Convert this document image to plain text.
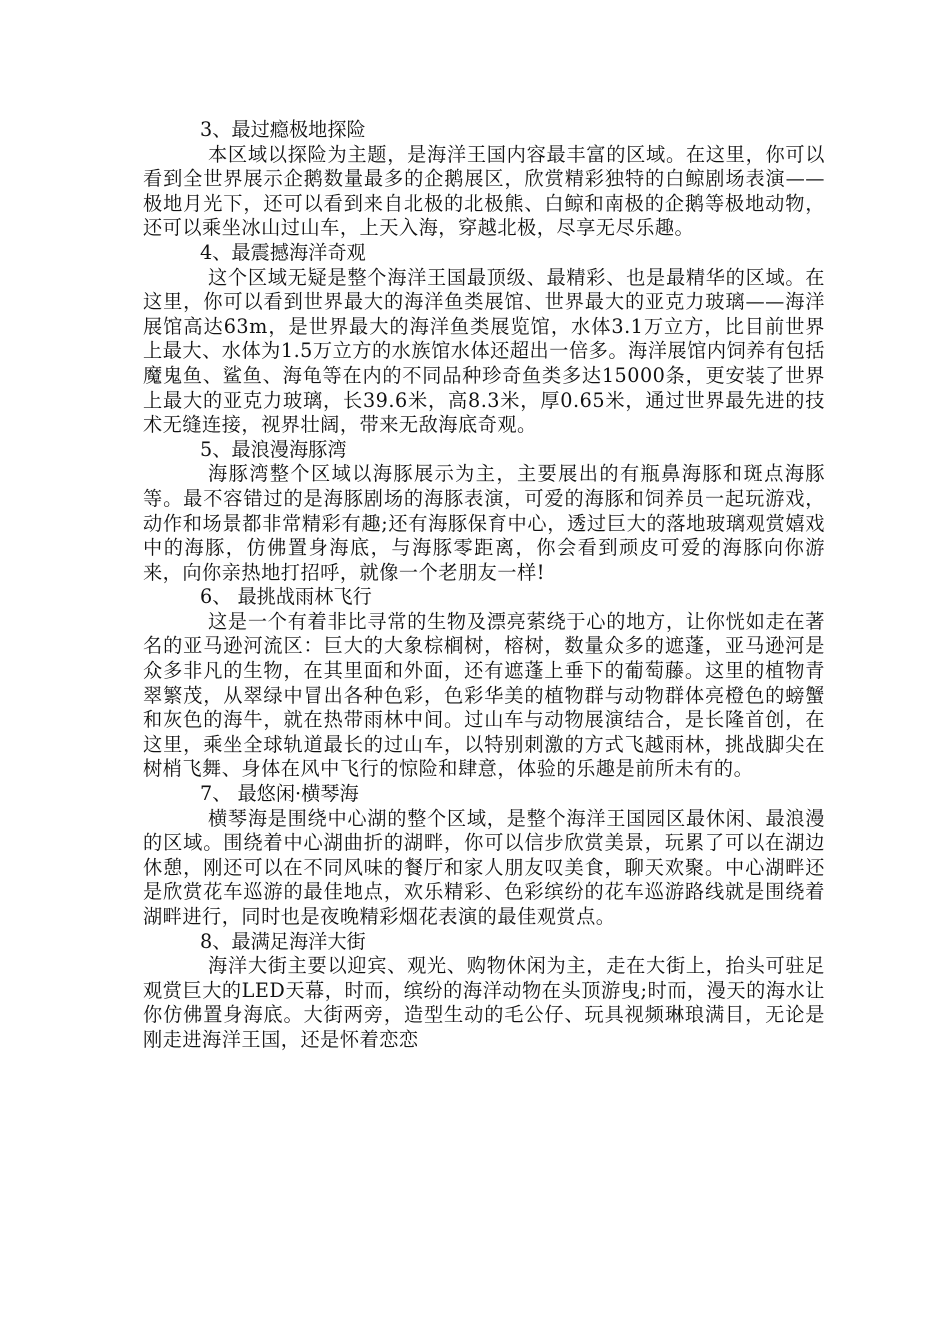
3、最过瘾极地探险

本区域以探险为主题，是海洋王国内容最丰富的区域。在这里，你可以看到全世界展示企鹅数量最多的企鹅展区，欣赏精彩独特的白鲸剧场表演——极地月光下，还可以看到来自北极的北极熊、白鲸和南极的企鹅等极地动物，还可以乘坐冰山过山车，上天入海，穿越北极，尽享无尽乐趣。

4、最震撼海洋奇观

这个区域无疑是整个海洋王国最顶级、最精彩、也是最精华的区域。在这里，你可以看到世界最大的海洋鱼类展馆、世界最大的亚克力玻璃——海洋展馆高达63m，是世界最大的海洋鱼类展览馆，水体3.1万立方，比目前世界上最大、水体为1.5万立方的水族馆水体还超出一倍多。海洋展馆内饲养有包括魔鬼鱼、鲨鱼、海龟等在内的不同品种珍奇鱼类多达15000条，更安装了世界上最大的亚克力玻璃，长39.6米，高8.3米，厚0.65米，通过世界最先进的技术无缝连接，视界壮阔，带来无敌海底奇观。

5、最浪漫海豚湾

海豚湾整个区域以海豚展示为主，主要展出的有瓶鼻海豚和斑点海豚等。最不容错过的是海豚剧场的海豚表演，可爱的海豚和饲养员一起玩游戏，动作和场景都非常精彩有趣;还有海豚保育中心，透过巨大的落地玻璃观赏嬉戏中的海豚，仿佛置身海底，与海豚零距离，你会看到顽皮可爱的海豚向你游来，向你亲热地打招呼，就像一个老朋友一样!

6、 最挑战雨林飞行

这是一个有着非比寻常的生物及漂亮萦绕于心的地方，让你恍如走在著名的亚马逊河流区：巨大的大象棕榈树，榕树，数量众多的遮蓬，亚马逊河是众多非凡的生物，在其里面和外面，还有遮蓬上垂下的葡萄藤。这里的植物青翠繁茂，从翠绿中冒出各种色彩，色彩华美的植物群与动物群体亮橙色的螃蟹和灰色的海牛，就在热带雨林中间。过山车与动物展演结合，是长隆首创，在这里，乘坐全球轨道最长的过山车，以特别刺激的方式飞越雨林，挑战脚尖在树梢飞舞、身体在风中飞行的惊险和肆意，体验的乐趣是前所未有的。

7、 最悠闲·横琴海

横琴海是围绕中心湖的整个区域，是整个海洋王国园区最休闲、最浪漫的区域。围绕着中心湖曲折的湖畔，你可以信步欣赏美景，玩累了可以在湖边休憩，刚还可以在不同风味的餐厅和家人朋友叹美食，聊天欢聚。中心湖畔还是欣赏花车巡游的最佳地点，欢乐精彩、色彩缤纷的花车巡游路线就是围绕着湖畔进行，同时也是夜晚精彩烟花表演的最佳观赏点。

8、最满足海洋大街

海洋大街主要以迎宾、观光、购物休闲为主，走在大街上，抬头可驻足观赏巨大的LED天幕，时而，缤纷的海洋动物在头顶游曳;时而，漫天的海水让你仿佛置身海底。大街两旁，造型生动的毛公仔、玩具视频琳琅满目，无论是刚走进海洋王国，还是怀着恋恋
